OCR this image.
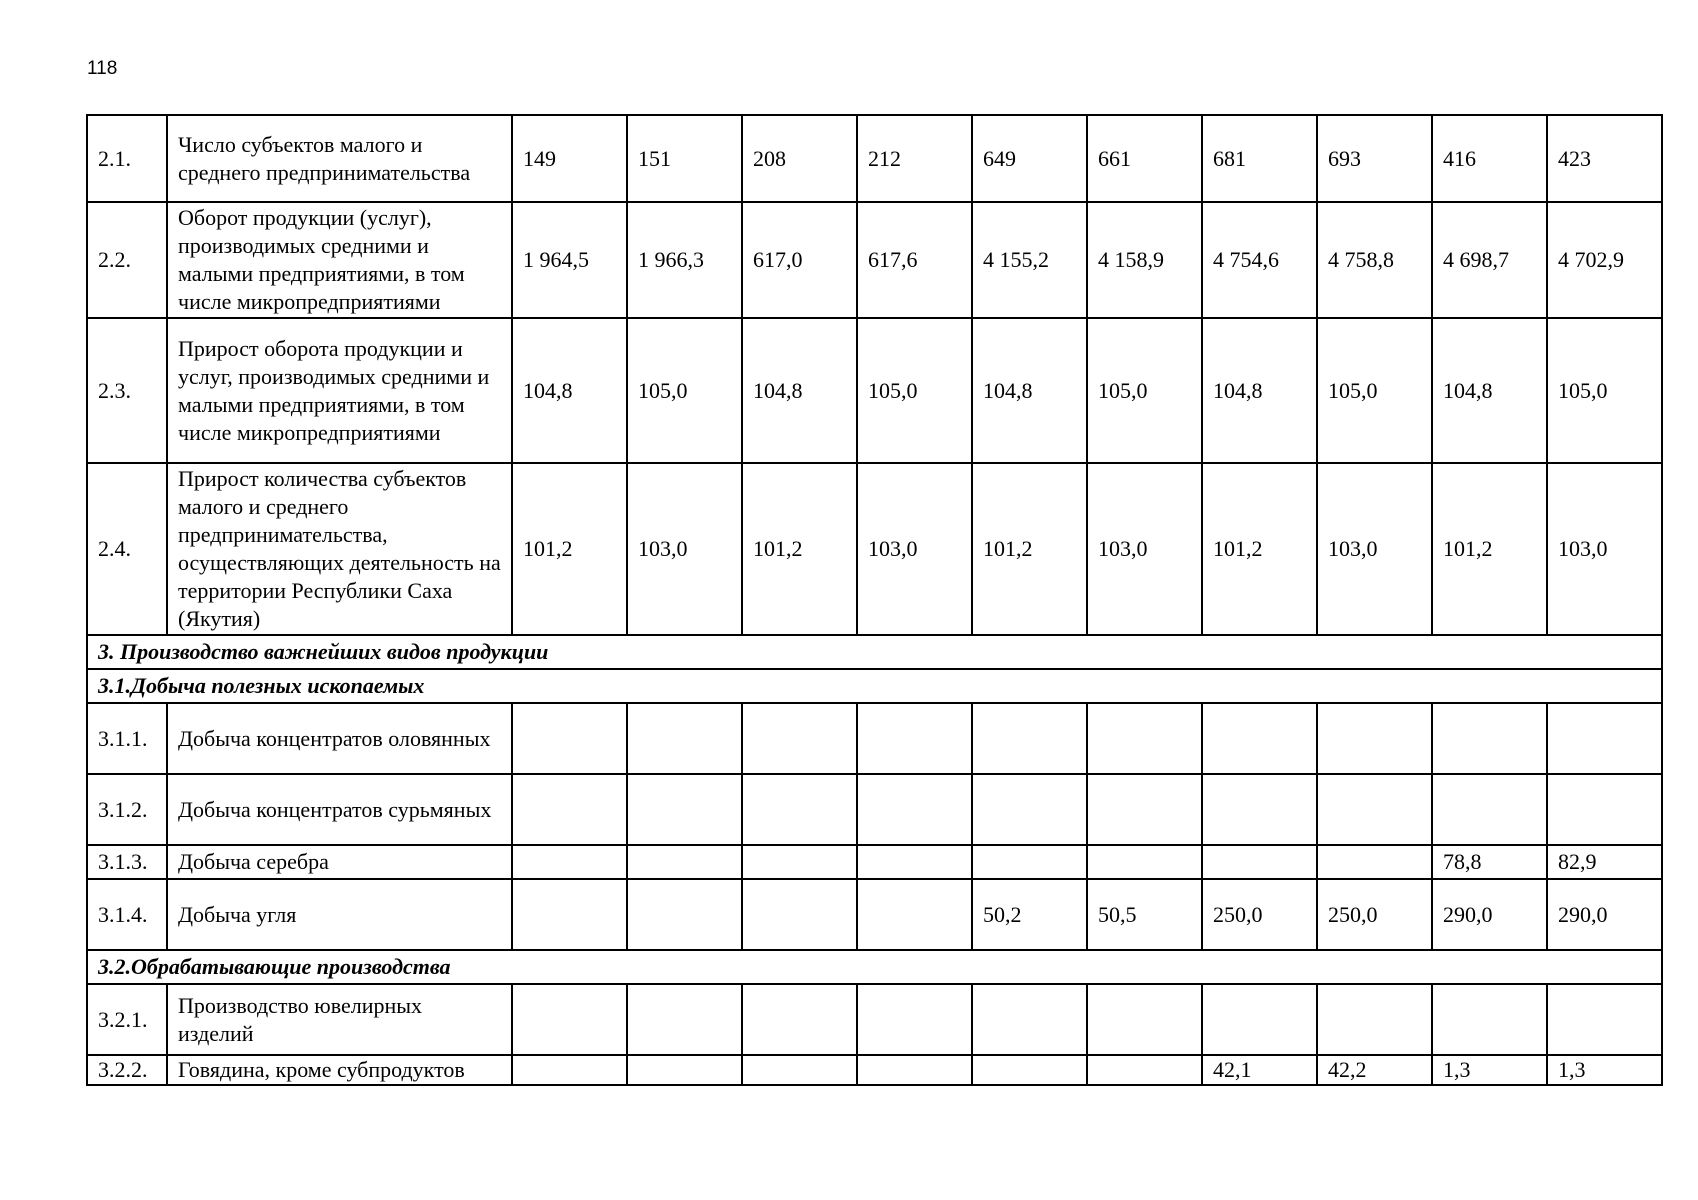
118
2.1.	Число субъектов малого и среднего предпринимательства	149	151	208	212	649	661	681	693	416	423
2.2.	Оборот продукции (услуг), производимых средними и малыми предприятиями, в том числе микропредприятиями	1 964,5	1 966,3	617,0	617,6	4 155,2	4 158,9	4 754,6	4 758,8	4 698,7	4 702,9
2.3.	Прирост оборота продукции и услуг, производимых средними и малыми предприятиями, в том числе микропредприятиями	104,8	105,0	104,8	105,0	104,8	105,0	104,8	105,0	104,8	105,0
2.4.	Прирост количества субъектов малого и среднего предпринимательства, осуществляющих деятельность на территории Республики Саха (Якутия)	101,2	103,0	101,2	103,0	101,2	103,0	101,2	103,0	101,2	103,0
3. Производство важнейших видов продукции											
3.1.Добыча полезных ископаемых											
3.1.1.	Добыча концентратов оловянных										
3.1.2.	Добыча концентратов сурьмяных										
3.1.3.	Добыча серебра									78,8	82,9
3.1.4.	Добыча угля					50,2	50,5	250,0	250,0	290,0	290,0
3.2.Обрабатывающие производства											
3.2.1.	Производство ювелирных изделий										
3.2.2.	Говядина, кроме субпродуктов							42,1	42,2	1,3	1,3
